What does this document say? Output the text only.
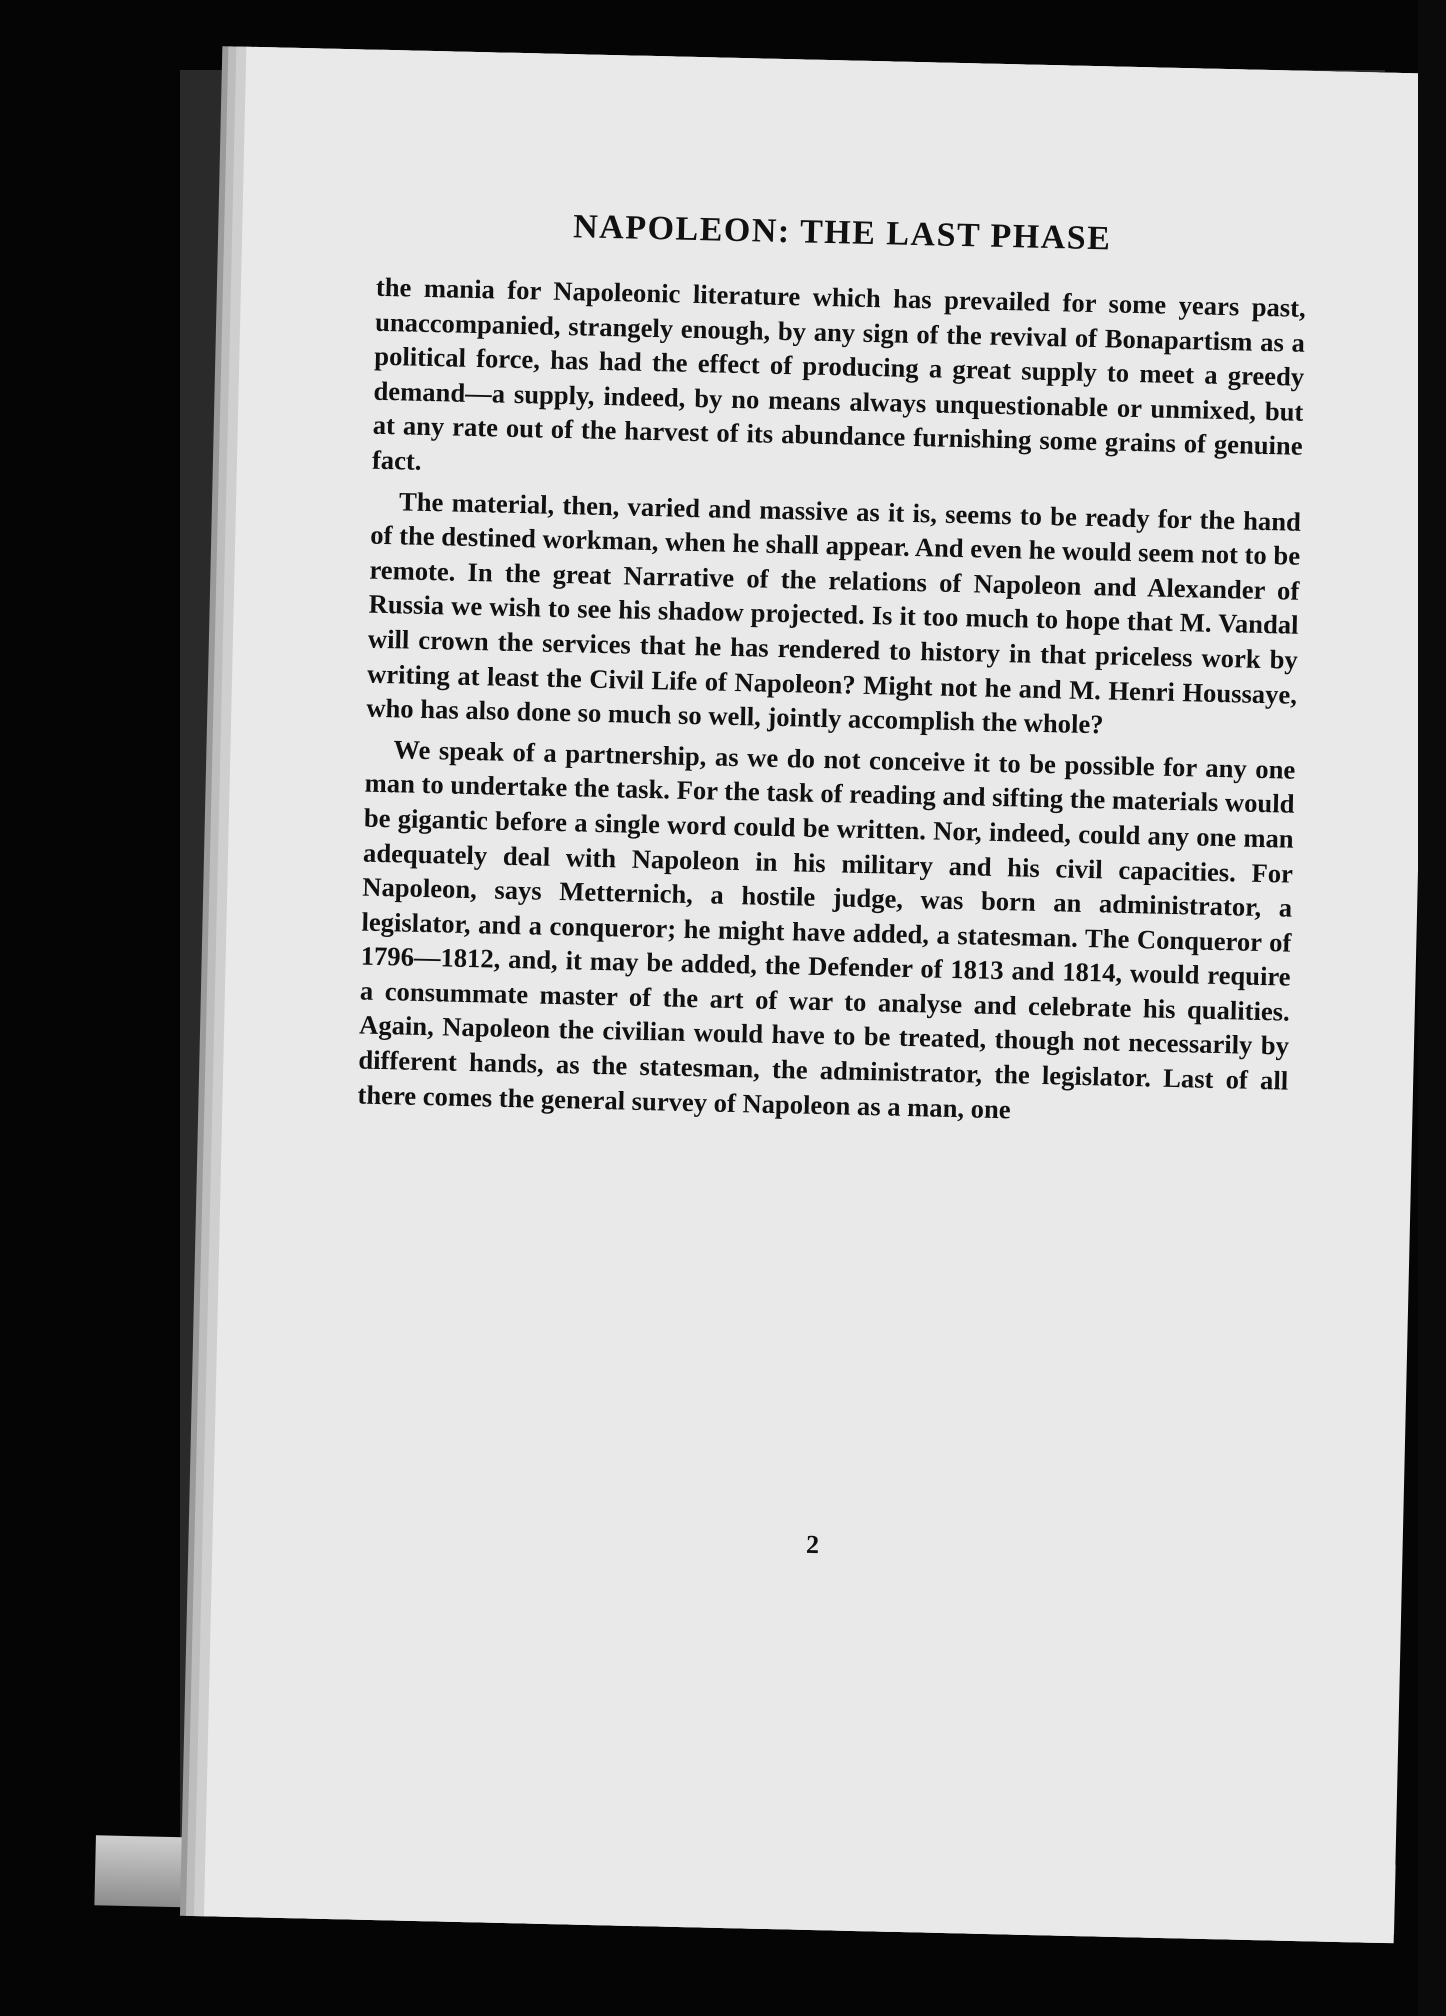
NAPOLEON: THE LAST PHASE

the mania for Napoleonic literature which has prevailed for some years past, unaccompanied, strangely enough, by any sign of the revival of Bonapartism as a political force, has had the effect of producing a great supply to meet a greedy demand—a supply, indeed, by no means always unquestionable or unmixed, but at any rate out of the harvest of its abundance furnishing some grains of genuine fact.

The material, then, varied and massive as it is, seems to be ready for the hand of the destined workman, when he shall appear. And even he would seem not to be remote. In the great Narrative of the relations of Napoleon and Alexander of Russia we wish to see his shadow projected. Is it too much to hope that M. Vandal will crown the services that he has rendered to history in that priceless work by writing at least the Civil Life of Napoleon? Might not he and M. Henri Houssaye, who has also done so much so well, jointly accomplish the whole?

We speak of a partnership, as we do not conceive it to be possible for any one man to undertake the task. For the task of reading and sifting the materials would be gigantic before a single word could be written. Nor, indeed, could any one man adequately deal with Napoleon in his military and his civil capacities. For Napoleon, says Metternich, a hostile judge, was born an administrator, a legislator, and a conqueror; he might have added, a statesman. The Conqueror of 1796—1812, and, it may be added, the Defender of 1813 and 1814, would require a consummate master of the art of war to analyse and celebrate his qualities. Again, Napoleon the civilian would have to be treated, though not necessarily by different hands, as the statesman, the administrator, the legislator. Last of all there comes the general survey of Napoleon as a man, one

2
